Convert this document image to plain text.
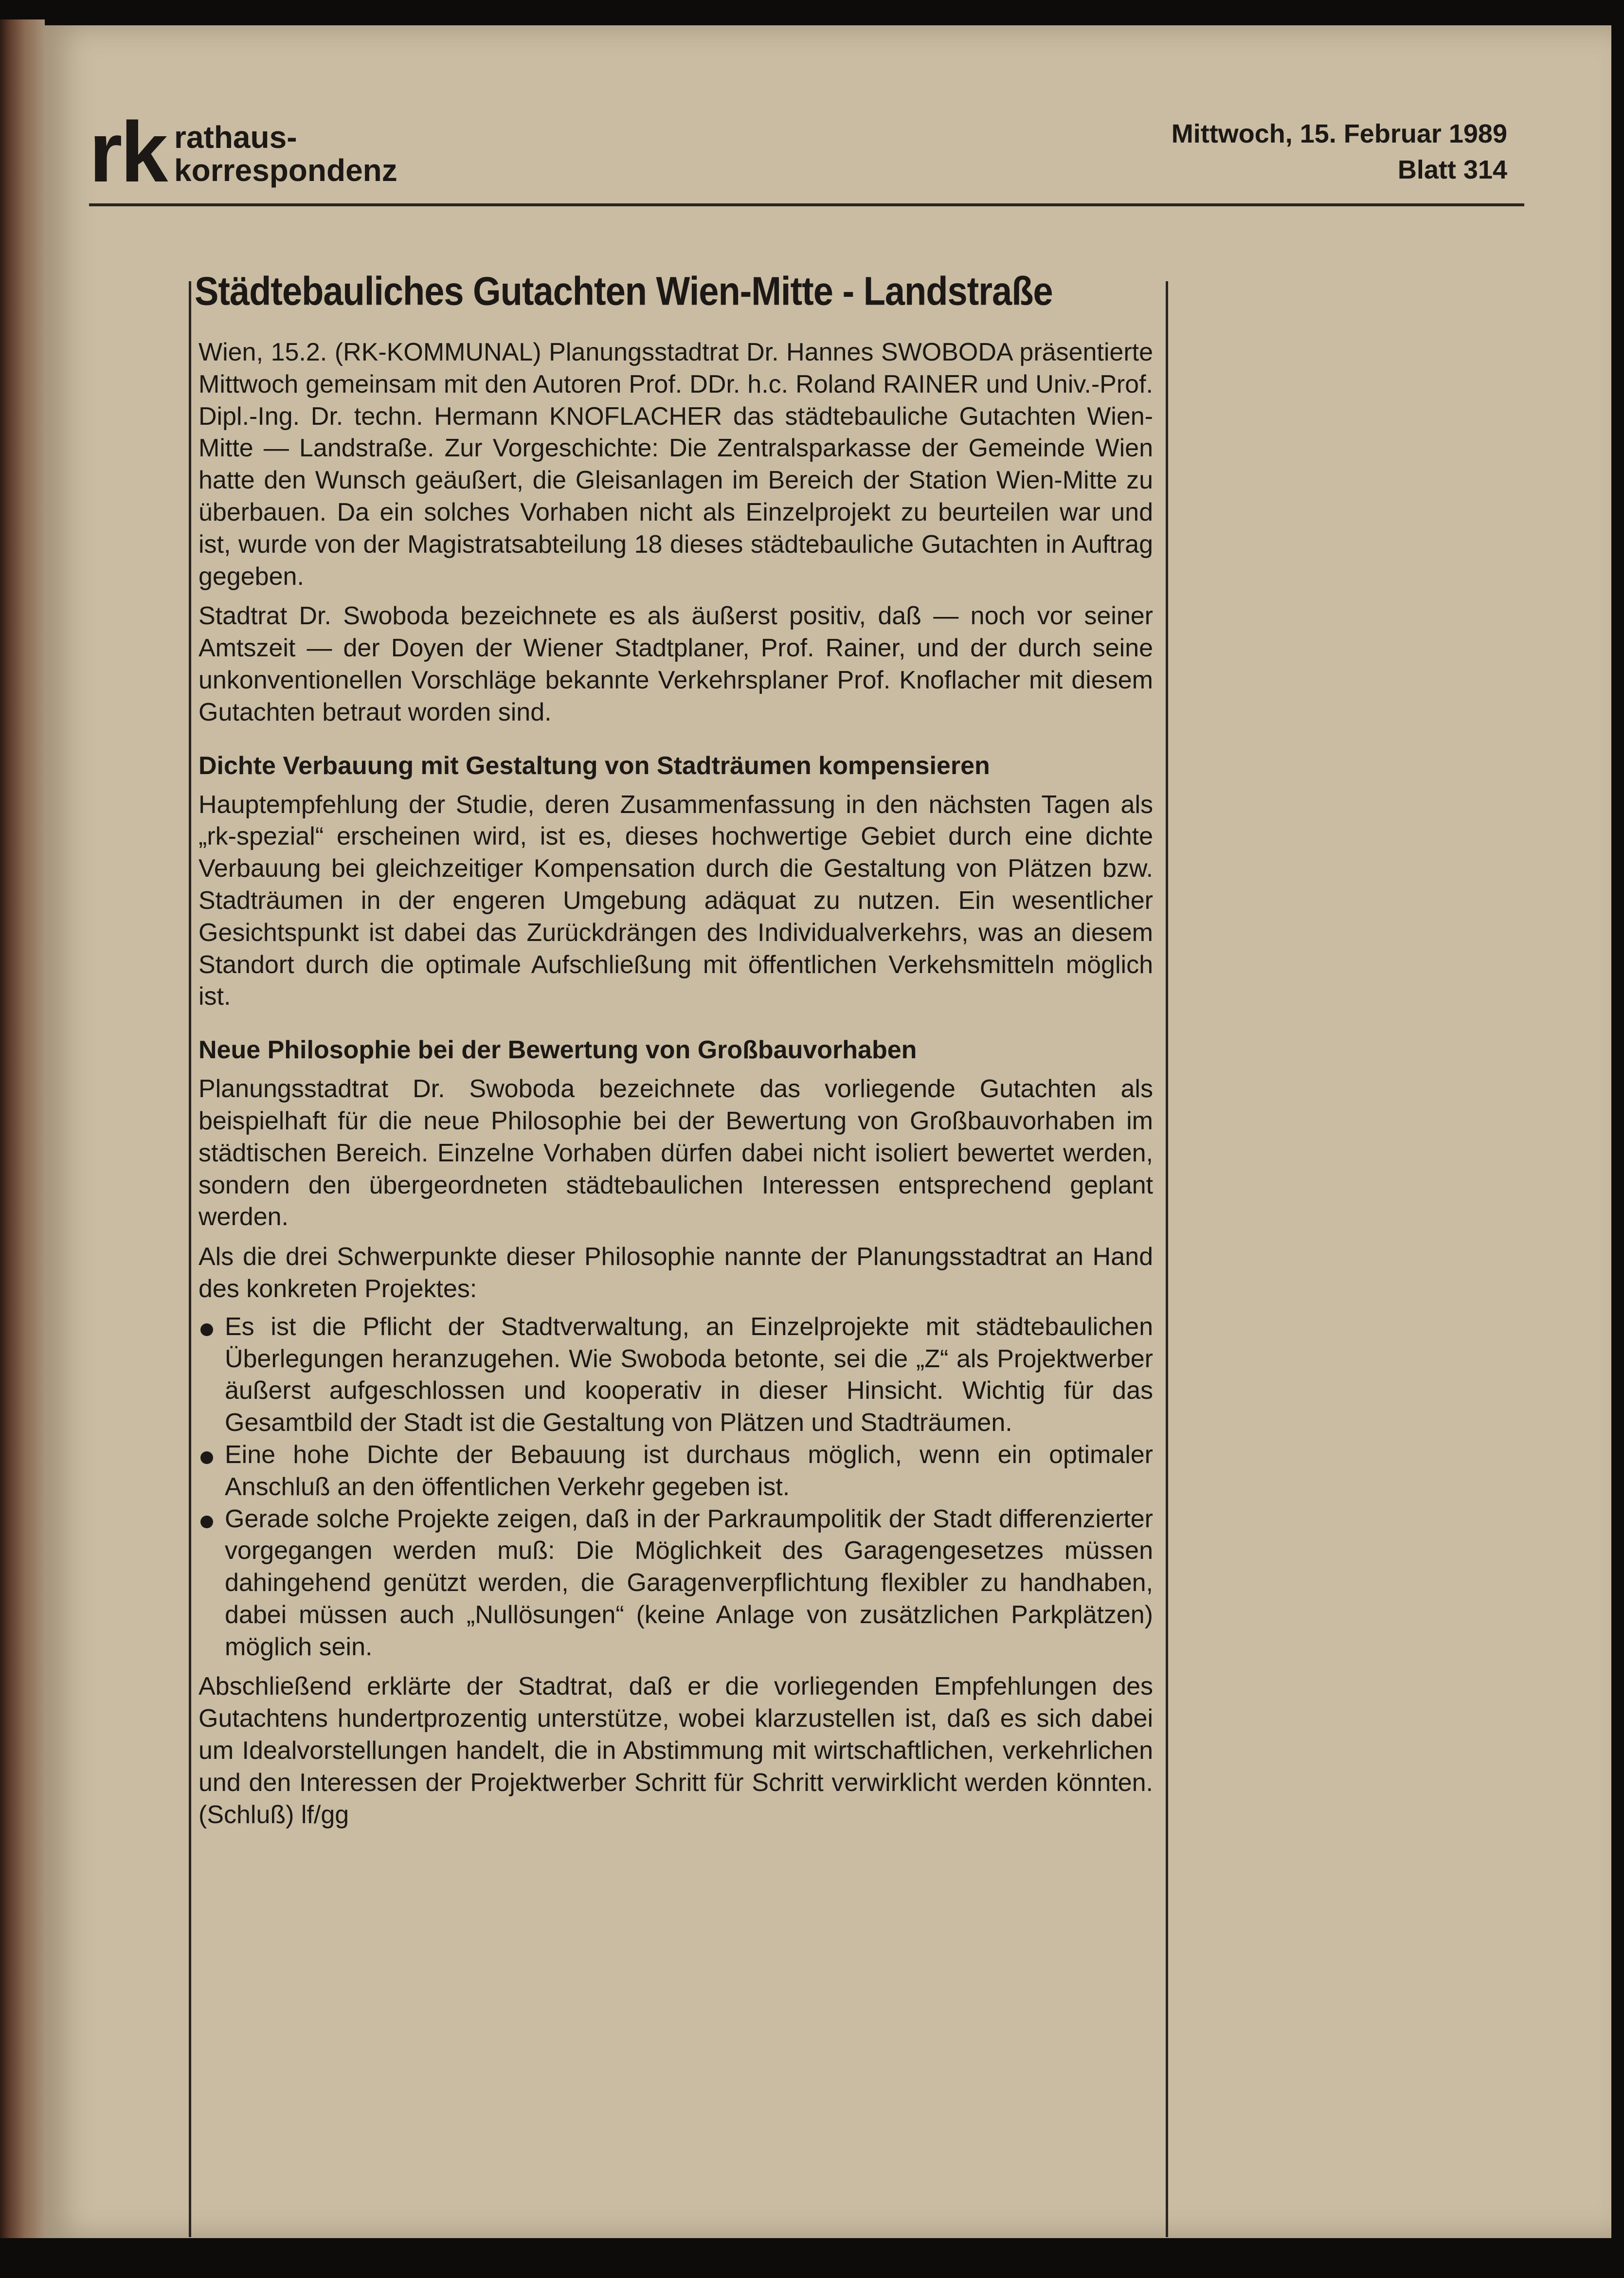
rk rathaus-
korrespondenz
Mittwoch, 15. Februar 1989
Blatt 314
Städtebauliches Gutachten Wien-Mitte - Landstraße

Wien, 15.2. (RK-KOMMUNAL) Planungsstadtrat Dr. Hannes SWOBODA präsentierte Mittwoch gemeinsam mit den Autoren Prof. DDr. h.c. Roland RAINER und Univ.-Prof. Dipl.-Ing. Dr. techn. Hermann KNOFLACHER das städtebauliche Gutachten Wien-Mitte — Landstraße. Zur Vorgeschichte: Die Zentralsparkasse der Gemeinde Wien hatte den Wunsch geäußert, die Gleisanlagen im Bereich der Station Wien-Mitte zu überbauen. Da ein solches Vorhaben nicht als Einzelprojekt zu beurteilen war und ist, wurde von der Magistratsabteilung 18 dieses städtebauliche Gutachten in Auftrag gegeben.

Stadtrat Dr. Swoboda bezeichnete es als äußerst positiv, daß — noch vor seiner Amtszeit — der Doyen der Wiener Stadtplaner, Prof. Rainer, und der durch seine unkonventionellen Vorschläge bekannte Verkehrsplaner Prof. Knoflacher mit diesem Gutachten betraut worden sind.

Dichte Verbauung mit Gestaltung von Stadträumen kompensieren

Hauptempfehlung der Studie, deren Zusammenfassung in den nächsten Tagen als „rk-spezial“ erscheinen wird, ist es, dieses hochwertige Gebiet durch eine dichte Verbauung bei gleichzeitiger Kompensation durch die Gestaltung von Plätzen bzw. Stadträumen in der engeren Umgebung adäquat zu nutzen. Ein wesentlicher Gesichtspunkt ist dabei das Zurückdrängen des Individualverkehrs, was an diesem Standort durch die optimale Aufschließung mit öffentlichen Verkehsmitteln möglich ist.

Neue Philosophie bei der Bewertung von Großbauvorhaben

Planungsstadtrat Dr. Swoboda bezeichnete das vorliegende Gutachten als beispielhaft für die neue Philosophie bei der Bewertung von Großbauvorhaben im städtischen Bereich. Einzelne Vorhaben dürfen dabei nicht isoliert bewertet werden, sondern den übergeordneten städtebaulichen Interessen entsprechend geplant werden.

Als die drei Schwerpunkte dieser Philosophie nannte der Planungsstadtrat an Hand des konkreten Projektes:

Es ist die Pflicht der Stadtverwaltung, an Einzelprojekte mit städtebaulichen Überlegungen heranzugehen. Wie Swoboda betonte, sei die „Z“ als Projektwerber äußerst aufgeschlossen und kooperativ in dieser Hinsicht. Wichtig für das Gesamtbild der Stadt ist die Gestaltung von Plätzen und Stadträumen.
Eine hohe Dichte der Bebauung ist durchaus möglich, wenn ein optimaler Anschluß an den öffentlichen Verkehr gegeben ist.
Gerade solche Projekte zeigen, daß in der Parkraumpolitik der Stadt differenzierter vorgegangen werden muß: Die Möglichkeit des Garagengesetzes müssen dahingehend genützt werden, die Garagenverpflichtung flexibler zu handhaben, dabei müssen auch „Nullösungen“ (keine Anlage von zusätzlichen Parkplätzen) möglich sein.

Abschließend erklärte der Stadtrat, daß er die vorliegenden Empfehlungen des Gutachtens hundertprozentig unterstütze, wobei klarzustellen ist, daß es sich dabei um Idealvorstellungen handelt, die in Abstimmung mit wirtschaftlichen, verkehrlichen und den Interessen der Projektwerber Schritt für Schritt verwirklicht werden könnten. (Schluß) lf/gg
